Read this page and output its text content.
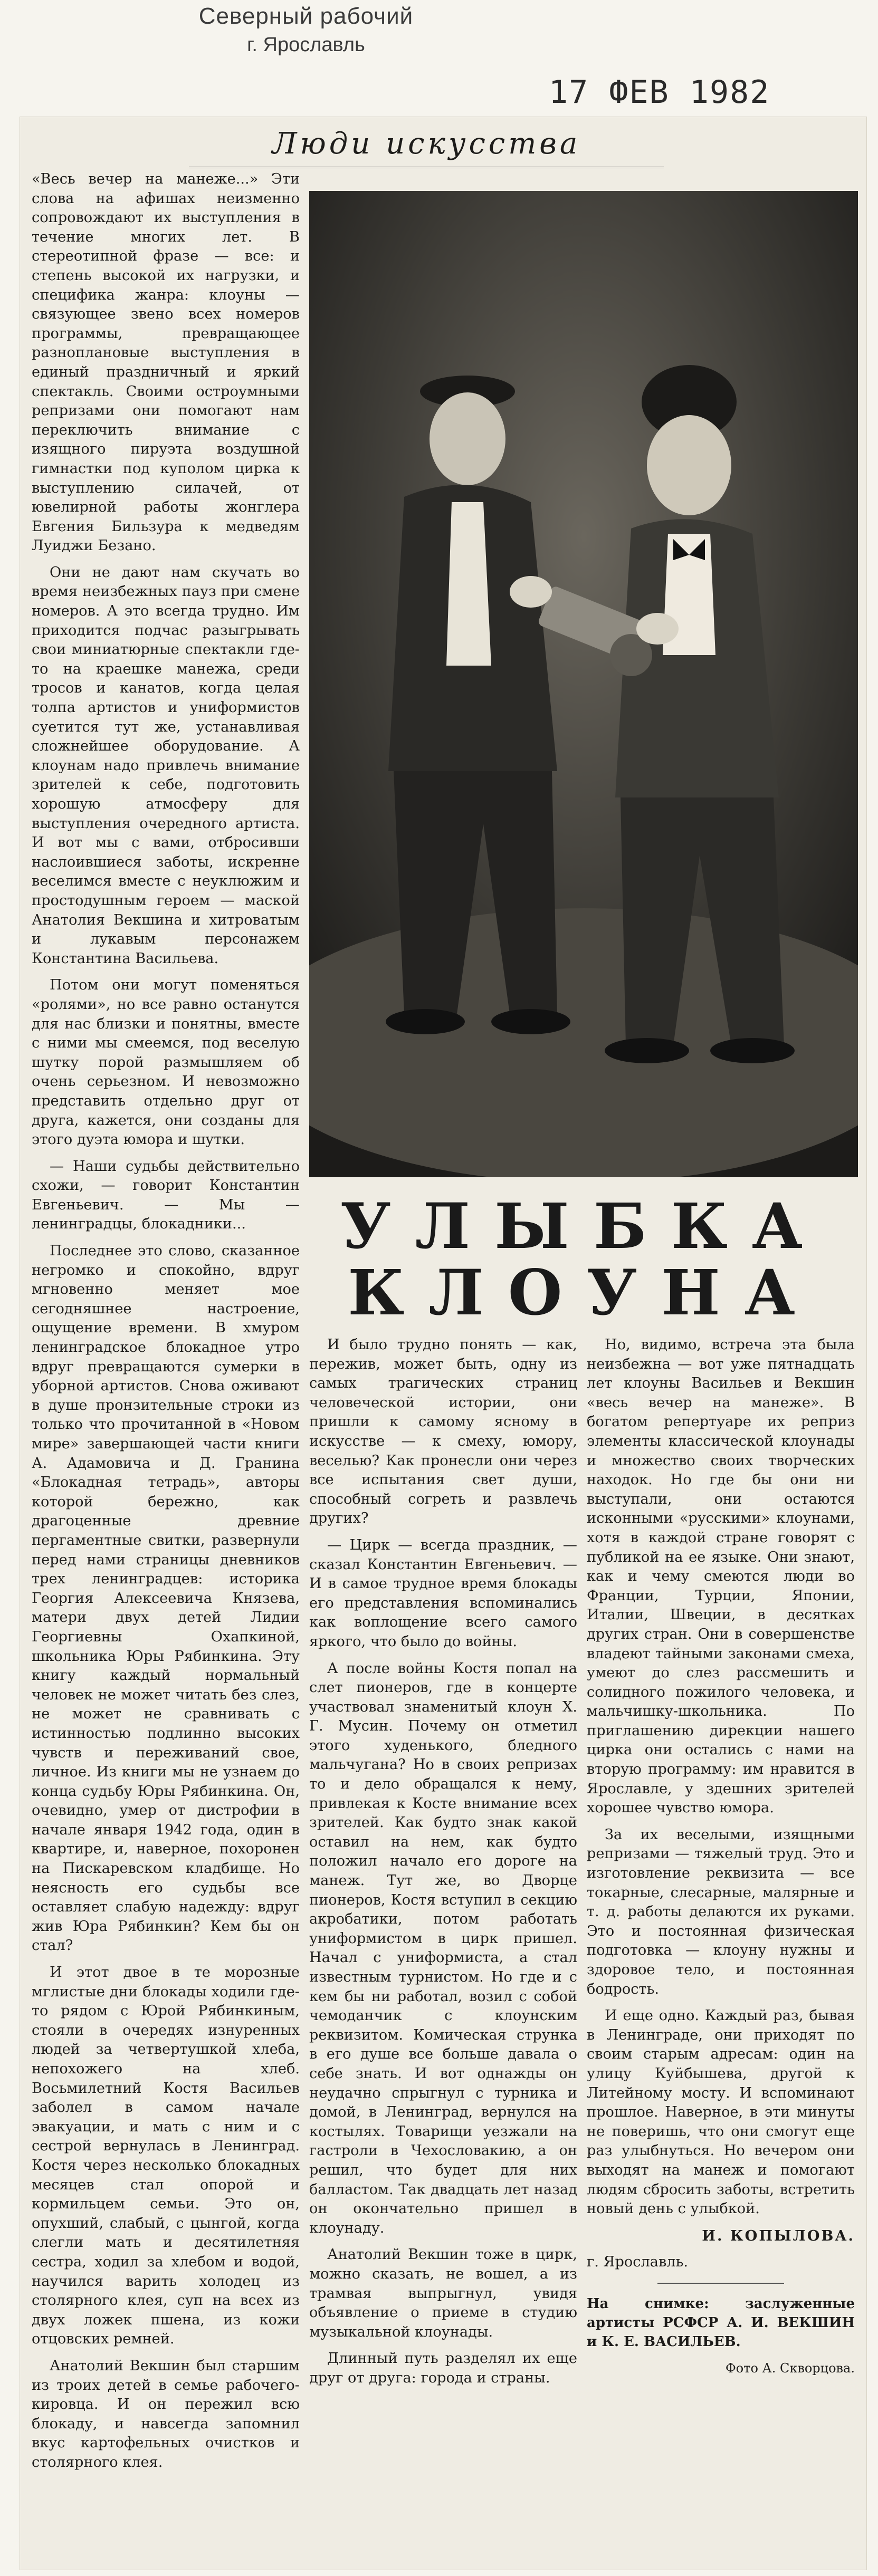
Северный рабочий
г. Ярославль
17 ФЕВ 1982
Люди искусства

«Весь вечер на манеже...» Эти слова на афишах неизменно сопровождают их выступления в течение многих лет. В стереотипной фразе — все: и степень высокой их нагрузки, и специфика жанра: клоуны — связующее звено всех номеров программы, превращающее разноплановые выступления в единый праздничный и яркий спектакль. Своими остроумными репризами они помогают нам переключить внимание с изящного пируэта воздушной гимнастки под куполом цирка к выступлению силачей, от ювелирной работы жонглера Евгения Бильзура к медведям Луиджи Безано.

Они не дают нам скучать во время неизбежных пауз при смене номеров. А это всегда трудно. Им приходится подчас разыгрывать свои миниатюрные спектакли где-то на краешке манежа, среди тросов и канатов, когда целая толпа артистов и униформистов суетится тут же, устанавливая сложнейшее оборудование. А клоунам надо привлечь внимание зрителей к себе, подготовить хорошую атмосферу для выступления очередного артиста. И вот мы с вами, отбросивши наслоившиеся заботы, искренне веселимся вместе с неуклюжим и простодушным героем — маской Анатолия Векшина и хитроватым и лукавым персонажем Константина Васильева.

Потом они могут поменяться «ролями», но все равно останутся для нас близки и понятны, вместе с ними мы смеемся, под веселую шутку порой размышляем об очень серьезном. И невозможно представить отдельно друг от друга, кажется, они созданы для этого дуэта юмора и шутки.

— Наши судьбы действительно схожи, — говорит Константин Евгеньевич. — Мы — ленинградцы, блокадники...

Последнее это слово, сказанное негромко и спокойно, вдруг мгновенно меняет мое сегодняшнее настроение, ощущение времени. В хмуром ленинградское блокадное утро вдруг превращаются сумерки в уборной артистов. Снова оживают в душе пронзительные строки из только что прочитанной в «Новом мире» завершающей части книги А. Адамовича и Д. Гранина «Блокадная тетрадь», авторы которой бережно, как драгоценные древние пергаментные свитки, развернули перед нами страницы дневников трех ленинградцев: историка Георгия Алексеевича Князева, матери двух детей Лидии Георгиевны Охапкиной, школьника Юры Рябинкина. Эту книгу каждый нормальный человек не может читать без слез, не может не сравнивать с истинностью подлинно высоких чувств и переживаний свое, личное. Из книги мы не узнаем до конца судьбу Юры Рябинкина. Он, очевидно, умер от дистрофии в начале января 1942 года, один в квартире, и, наверное, похоронен на Пискаревском кладбище. Но неясность его судьбы все оставляет слабую надежду: вдруг жив Юра Рябинкин? Кем бы он стал?

И этот двое в те морозные мглистые дни блокады ходили где-то рядом с Юрой Рябинкиным, стояли в очередях изнуренных людей за четвертушкой хлеба, непохожего на хлеб. Восьмилетний Костя Васильев заболел в самом начале эвакуации, и мать с ним и с сестрой вернулась в Ленинград. Костя через несколько блокадных месяцев стал опорой и кормильцем семьи. Это он, опухший, слабый, с цынгой, когда слегли мать и десятилетняя сестра, ходил за хлебом и водой, научился варить холодец из столярного клея, суп на всех из двух ложек пшена, из кожи отцовских ремней.

Анатолий Векшин был старшим из троих детей в семье рабочего-кировца. И он пережил всю блокаду, и навсегда запомнил вкус картофельных очистков и столярного клея.

УЛЫБКА
КЛОУНА

И было трудно понять — как, пережив, может быть, одну из самых трагических страниц человеческой истории, они пришли к самому ясному в искусстве — к смеху, юмору, веселью? Как пронесли они через все испытания свет души, способный согреть и развлечь других?

— Цирк — всегда праздник, — сказал Константин Евгеньевич. — И в самое трудное время блокады его представления вспоминались как воплощение всего самого яркого, что было до войны.

А после войны Костя попал на слет пионеров, где в концерте участвовал знаменитый клоун Х. Г. Мусин. Почему он отметил этого худенького, бледного мальчугана? Но в своих репризах то и дело обращался к нему, привлекая к Косте внимание всех зрителей. Как будто знак какой оставил на нем, как будто положил начало его дороге на манеж. Тут же, во Дворце пионеров, Костя вступил в секцию акробатики, потом работать униформистом в цирк пришел. Начал с униформиста, а стал известным турнистом. Но где и с кем бы ни работал, возил с собой чемоданчик с клоунским реквизитом. Комическая струнка в его душе все больше давала о себе знать. И вот однажды он неудачно спрыгнул с турника и домой, в Ленинград, вернулся на костылях. Товарищи уезжали на гастроли в Чехословакию, а он решил, что будет для них балластом. Так двадцать лет назад он окончательно пришел в клоунаду.

Анатолий Векшин тоже в цирк, можно сказать, не вошел, а из трамвая выпрыгнул, увидя объявление о приеме в студию музыкальной клоунады.

Длинный путь разделял их еще друг от друга: города и страны.

Но, видимо, встреча эта была неизбежна — вот уже пятнадцать лет клоуны Васильев и Векшин «весь вечер на манеже». В богатом репертуаре их реприз элементы классической клоунады и множество своих творческих находок. Но где бы они ни выступали, они остаются исконными «русскими» клоунами, хотя в каждой стране говорят с публикой на ее языке. Они знают, как и чему смеются люди во Франции, Турции, Японии, Италии, Швеции, в десятках других стран. Они в совершенстве владеют тайными законами смеха, умеют до слез рассмешить и солидного пожилого человека, и мальчишку-школьника. По приглашению дирекции нашего цирка они остались с нами на вторую программу: им нравится в Ярославле, у здешних зрителей хорошее чувство юмора.

За их веселыми, изящными репризами — тяжелый труд. Это и изготовление реквизита — все токарные, слесарные, малярные и т. д. работы делаются их руками. Это и постоянная физическая подготовка — клоуну нужны и здоровое тело, и постоянная бодрость.

И еще одно. Каждый раз, бывая в Ленинграде, они приходят по своим старым адресам: один на улицу Куйбышева, другой к Литейному мосту. И вспоминают прошлое. Наверное, в эти минуты не поверишь, что они смогут еще раз улыбнуться. Но вечером они выходят на манеж и помогают людям сбросить заботы, встретить новый день с улыбкой.

И. КОПЫЛОВА.

г. Ярославль.

На снимке: заслуженные артисты РСФСР А. И. ВЕКШИН и К. Е. ВАСИЛЬЕВ.

Фото А. Скворцова.
